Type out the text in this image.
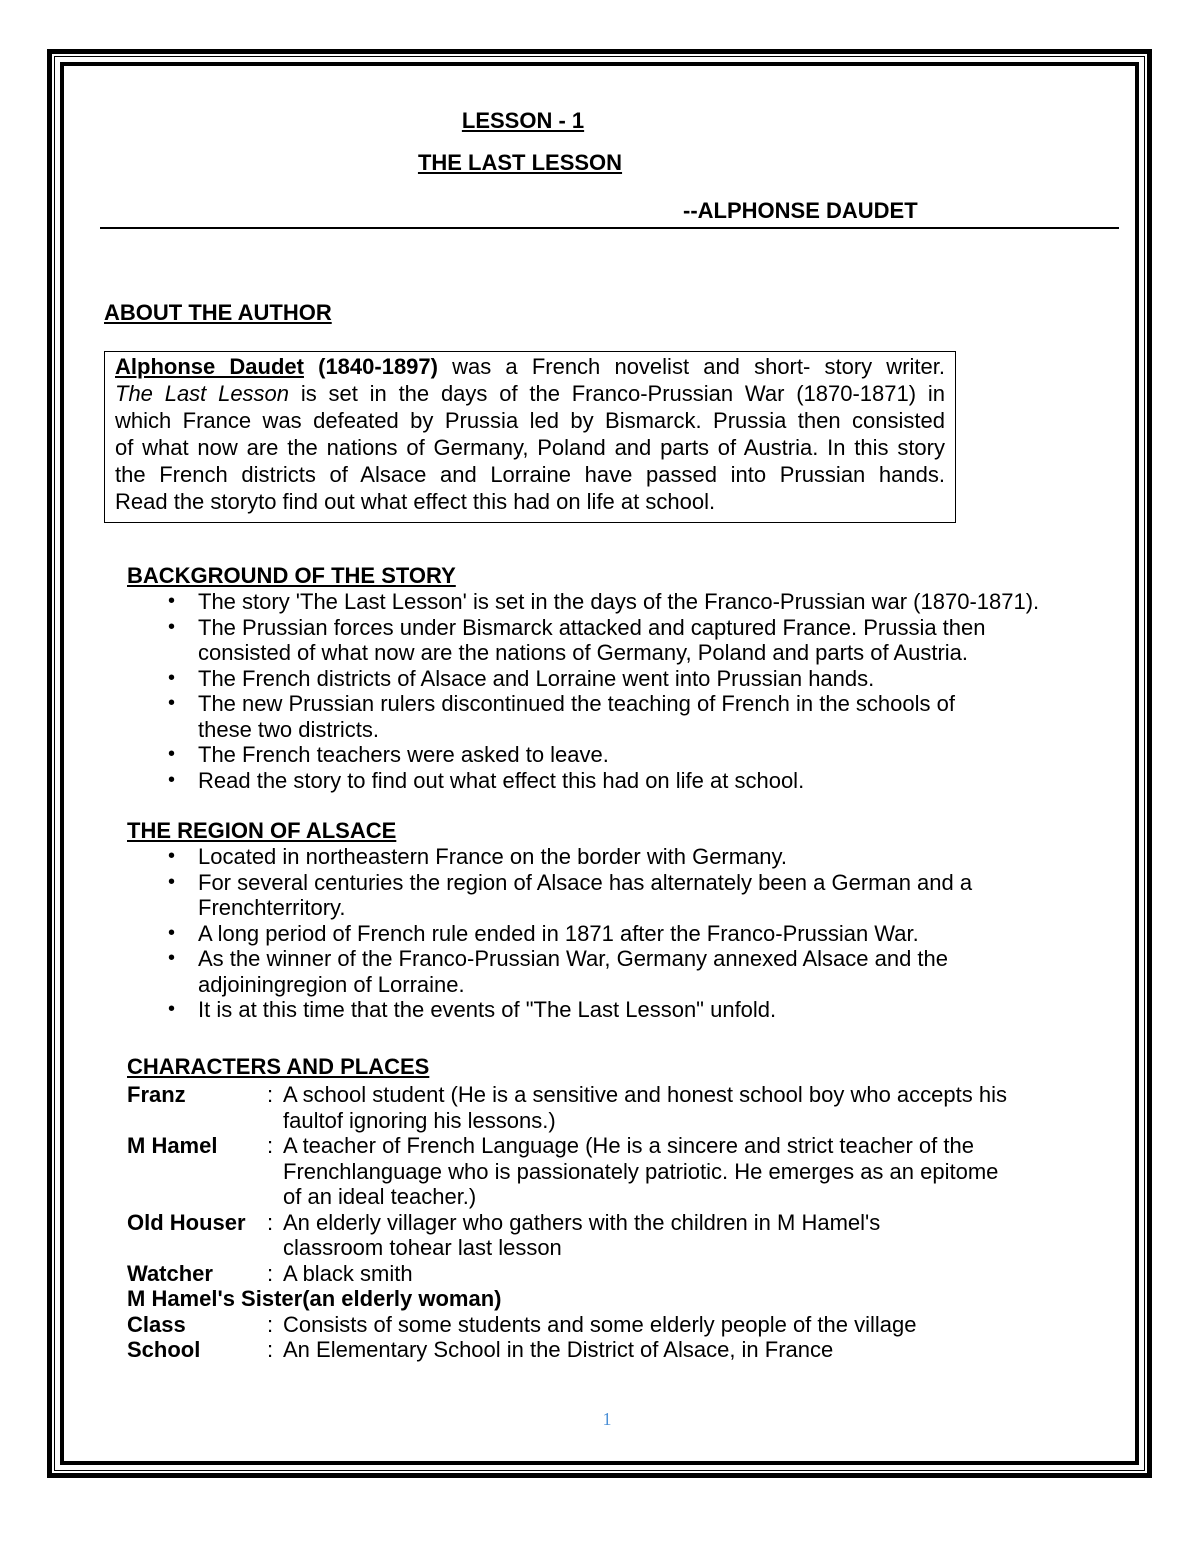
LESSON - 1

THE LAST LESSON

--ALPHONSE DAUDET

ABOUT THE AUTHOR

Alphonse Daudet (1840-1897) was a French novelist and short- story writer.

The Last Lesson is set in the days of the Franco-Prussian War (1870-1871) in

which France was defeated by Prussia led by Bismarck. Prussia then consisted

of what now are the nations of Germany, Poland and parts of Austria. In this story

the French districts of Alsace and Lorraine have passed into Prussian hands.

Read the storyto find out what effect this had on life at school.

BACKGROUND OF THE STORY

• The story 'The Last Lesson' is set in the days of the Franco-Prussian war (1870-1871).
• The Prussian forces under Bismarck attacked and captured France. Prussia then
consisted of what now are the nations of Germany, Poland and parts of Austria.
• The French districts of Alsace and Lorraine went into Prussian hands.
• The new Prussian rulers discontinued the teaching of French in the schools of
these two districts.
• The French teachers were asked to leave.
• Read the story to find out what effect this had on life at school.

THE REGION OF ALSACE

• Located in northeastern France on the border with Germany.
• For several centuries the region of Alsace has alternately been a German and a
Frenchterritory.
• A long period of French rule ended in 1871 after the Franco-Prussian War.
• As the winner of the Franco-Prussian War, Germany annexed Alsace and the
adjoiningregion of Lorraine.
• It is at this time that the events of "The Last Lesson" unfold.

CHARACTERS AND PLACES

Franz	: A school student (He is a sensitive and honest school boy who accepts his
faultof ignoring his lessons.)
M Hamel : A teacher of French Language (He is a sincere and strict teacher of the
Frenchlanguage who is passionately patriotic. He emerges as an epitome
of an ideal teacher.)
Old Houser : An elderly villager who gathers with the children in M Hamel's
classroom tohear last lesson
Watcher : A black smith
M Hamel's Sister(an elderly woman)
Class	: Consists of some students and some elderly people of the village
School	: An Elementary School in the District of Alsace, in France
1
